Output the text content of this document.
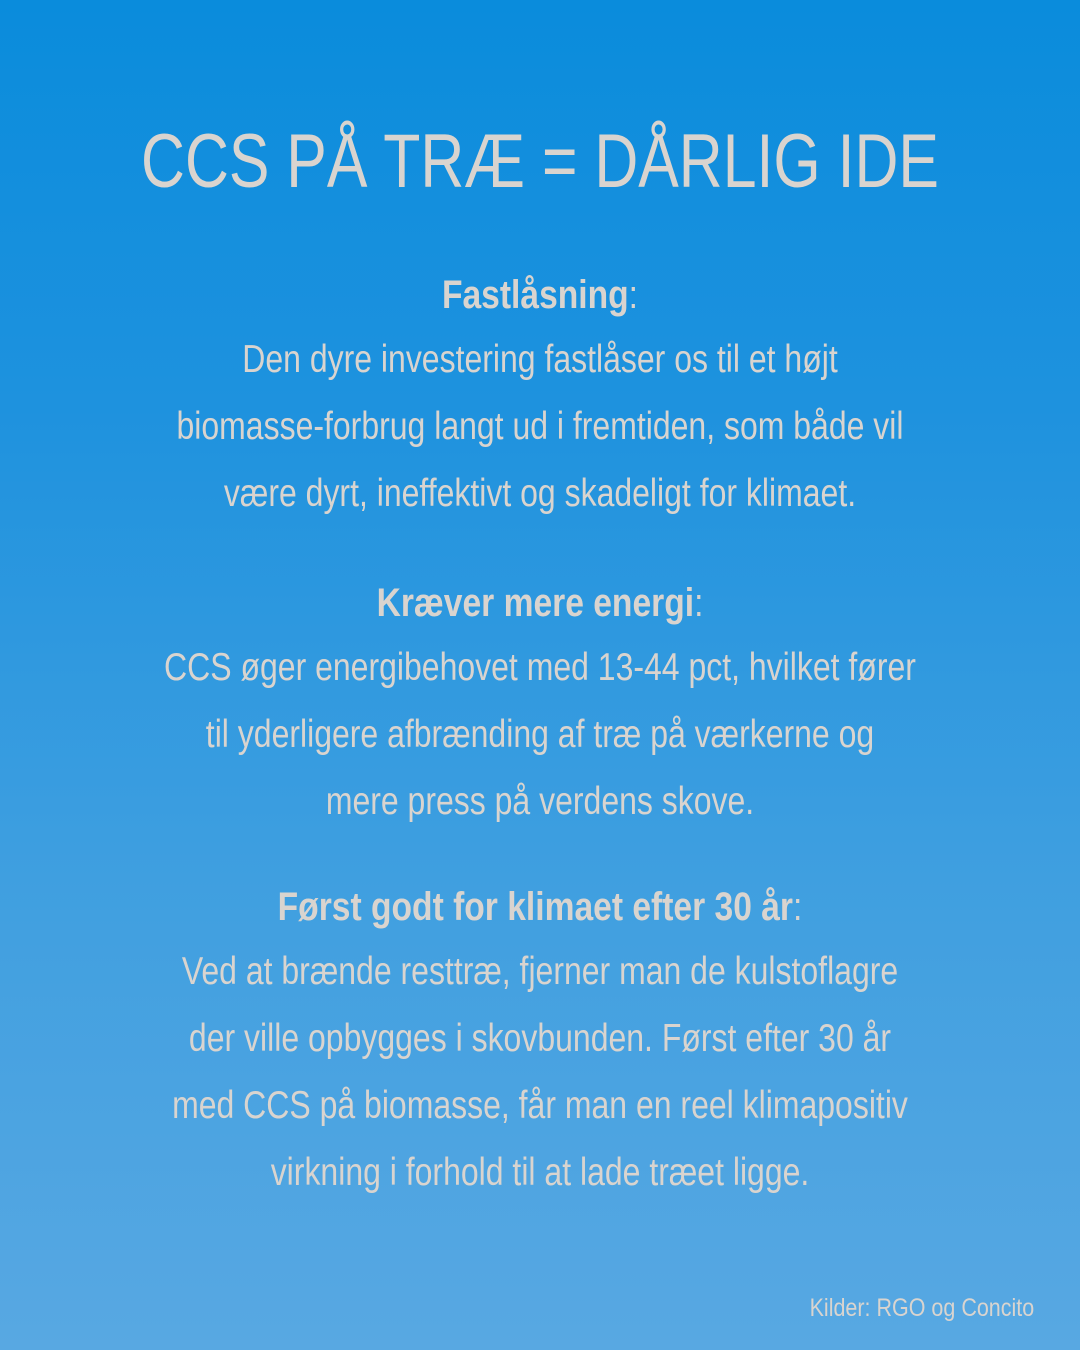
CCS PÅ TRÆ = DÅRLIG IDE
Fastlåsning:
Den dyre investering fastlåser os til et højt
biomasse-forbrug langt ud i fremtiden, som både vil
være dyrt, ineffektivt og skadeligt for klimaet.
Kræver mere energi:
CCS øger energibehovet med 13-44 pct, hvilket fører
til yderligere afbrænding af træ på værkerne og
mere press på verdens skove.
Først godt for klimaet efter 30 år:
Ved at brænde resttræ, fjerner man de kulstoflagre
der ville opbygges i skovbunden. Først efter 30 år
med CCS på biomasse, får man en reel klimapositiv
virkning i forhold til at lade træet ligge.
Kilder: RGO og Concito
